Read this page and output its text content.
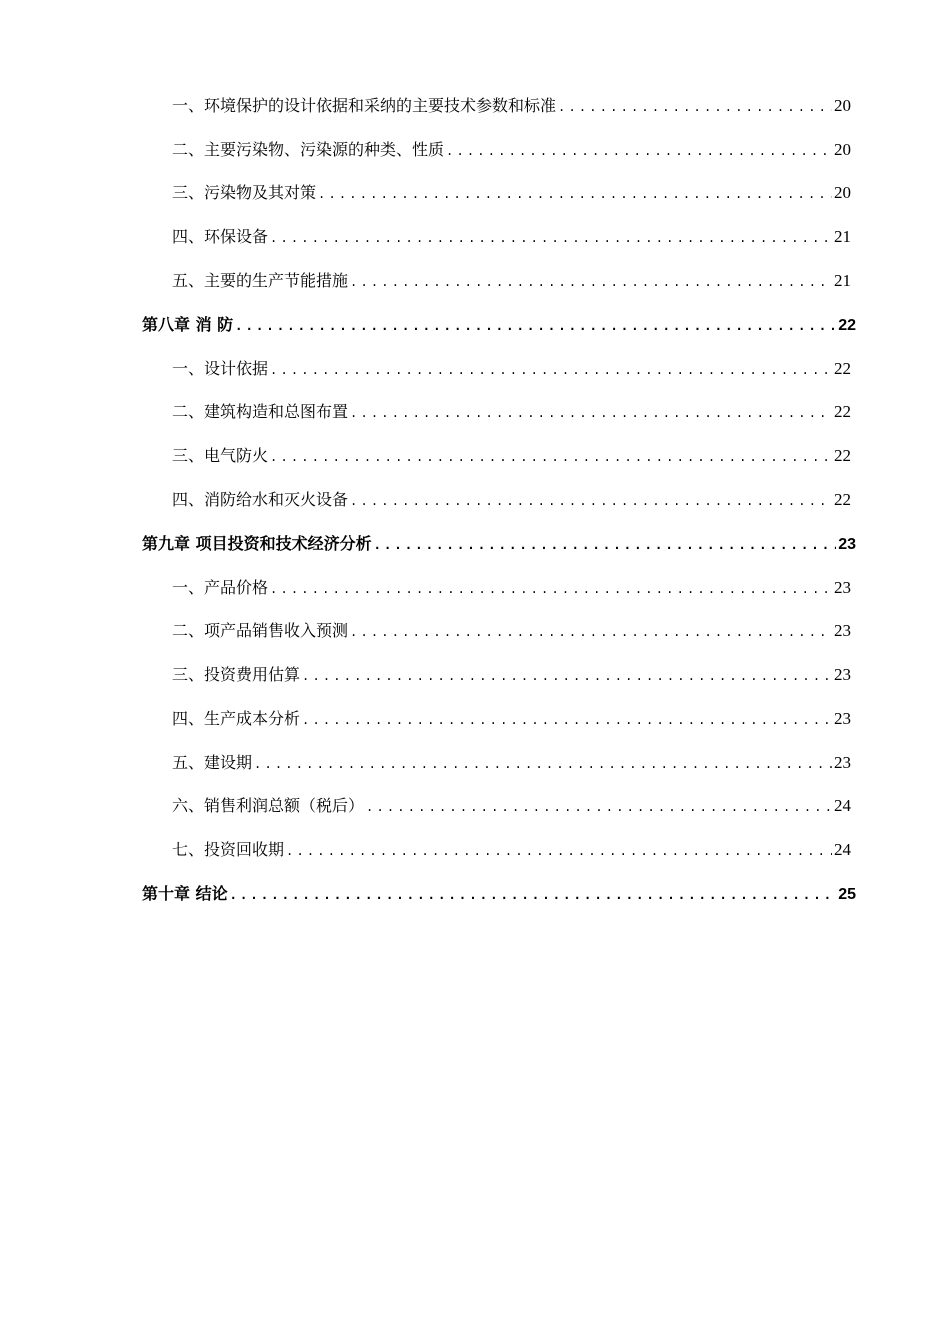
一、环境保护的设计依据和采纳的主要技术参数和标准 .....	20
二、主要污染物、污染源的种类、性质 .....	20
三、污染物及其对策 .....	20
四、环保设备 .....	21
五、主要的生产节能措施 .....	21
第八章 消 防 .....	22
一、设计依据 .....	22
二、建筑构造和总图布置 .....	22
三、电气防火 .....	22
四、消防给水和灭火设备 .....	22
第九章 项目投资和技术经济分析 .....	23
一、产品价格 .....	23
二、项产品销售收入预测 .....	23
三、投资费用估算 .....	23
四、生产成本分析 .....	23
五、建设期 .....	23
六、销售利润总额（税后） .....	24
七、投资回收期 .....	24
第十章 结论 .....	25
